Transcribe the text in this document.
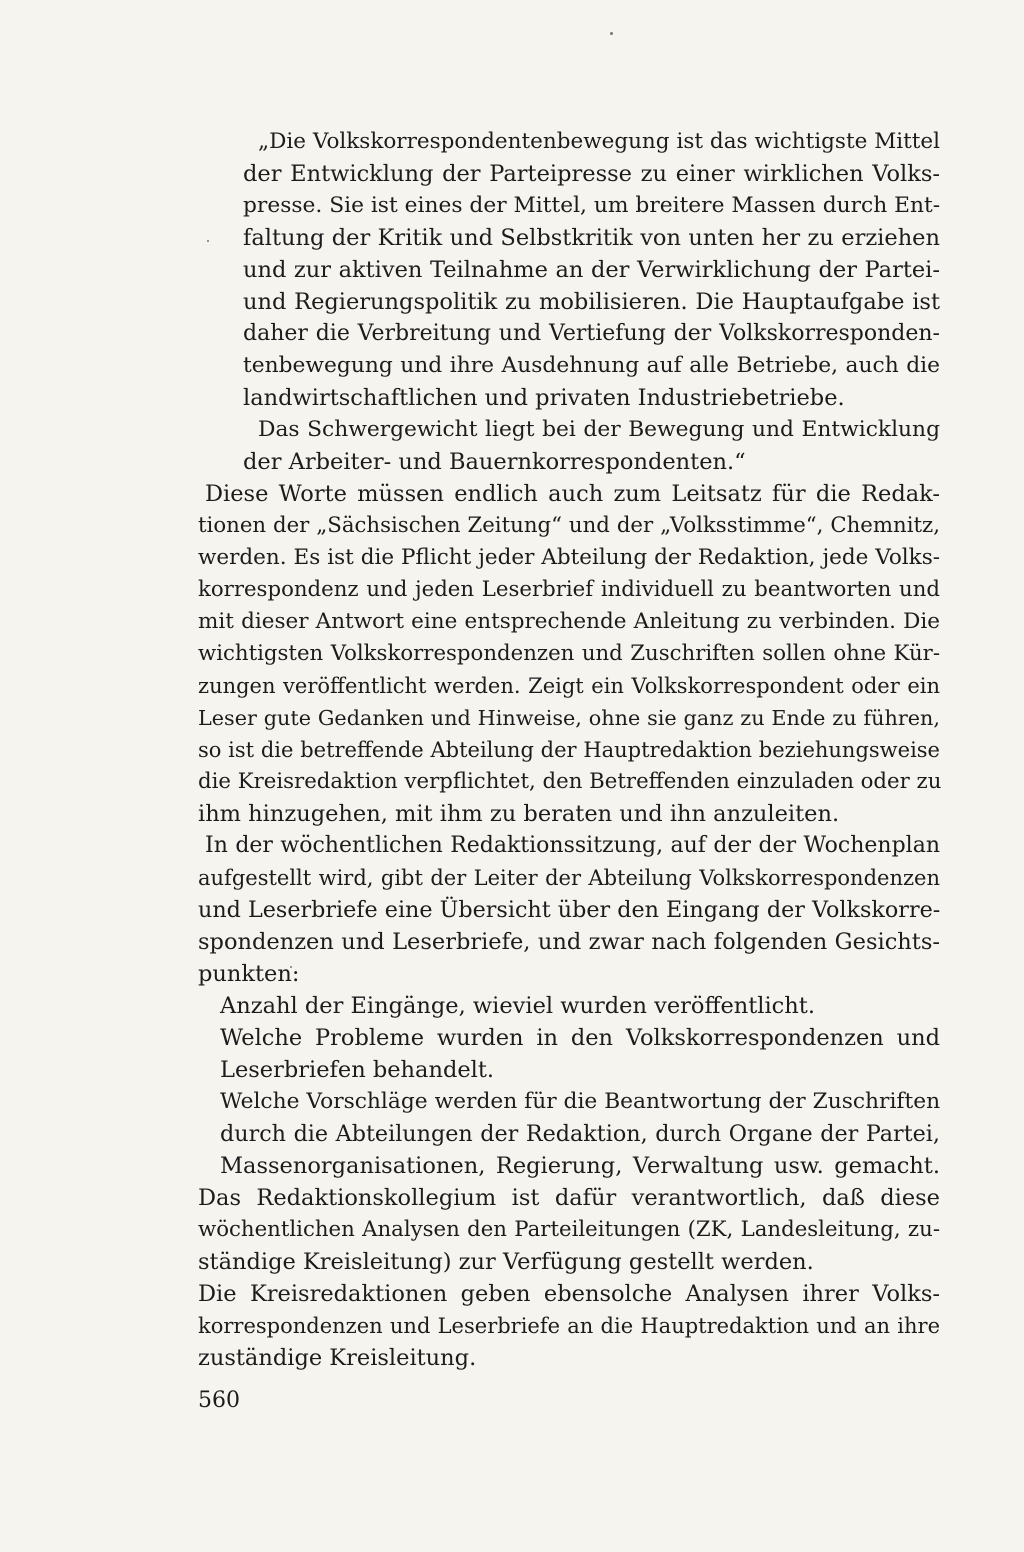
„Die Volkskorrespondentenbewegung ist das wichtigste Mittel
der Entwicklung der Parteipresse zu einer wirklichen Volks-
presse. Sie ist eines der Mittel, um breitere Massen durch Ent-
faltung der Kritik und Selbstkritik von unten her zu erziehen
und zur aktiven Teilnahme an der Verwirklichung der Partei-
und Regierungspolitik zu mobilisieren. Die Hauptaufgabe ist
daher die Verbreitung und Vertiefung der Volkskorresponden-
tenbewegung und ihre Ausdehnung auf alle Betriebe, auch die
landwirtschaftlichen und privaten Industriebetriebe.
Das Schwergewicht liegt bei der Bewegung und Entwicklung
der Arbeiter- und Bauernkorrespondenten.“
Diese Worte müssen endlich auch zum Leitsatz für die Redak-
tionen der „Sächsischen Zeitung“ und der „Volksstimme“, Chemnitz,
werden. Es ist die Pflicht jeder Abteilung der Redaktion, jede Volks-
korrespondenz und jeden Leserbrief individuell zu beantworten und
mit dieser Antwort eine entsprechende Anleitung zu verbinden. Die
wichtigsten Volkskorrespondenzen und Zuschriften sollen ohne Kür-
zungen veröffentlicht werden. Zeigt ein Volkskorrespondent oder ein
Leser gute Gedanken und Hinweise, ohne sie ganz zu Ende zu führen,
so ist die betreffende Abteilung der Hauptredaktion beziehungsweise
die Kreisredaktion verpflichtet, den Betreffenden einzuladen oder zu
ihm hinzugehen, mit ihm zu beraten und ihn anzuleiten.
In der wöchentlichen Redaktionssitzung, auf der der Wochenplan
aufgestellt wird, gibt der Leiter der Abteilung Volkskorrespondenzen
und Leserbriefe eine Übersicht über den Eingang der Volkskorre-
spondenzen und Leserbriefe, und zwar nach folgenden Gesichts-
punkten:
Anzahl der Eingänge, wieviel wurden veröffentlicht.
Welche Probleme wurden in den Volkskorrespondenzen und
Leserbriefen behandelt.
Welche Vorschläge werden für die Beantwortung der Zuschriften
durch die Abteilungen der Redaktion, durch Organe der Partei,
Massenorganisationen, Regierung, Verwaltung usw. gemacht.
Das Redaktionskollegium ist dafür verantwortlich, daß diese
wöchentlichen Analysen den Parteileitungen (ZK, Landesleitung, zu-
ständige Kreisleitung) zur Verfügung gestellt werden.
Die Kreisredaktionen geben ebensolche Analysen ihrer Volks-
korrespondenzen und Leserbriefe an die Hauptredaktion und an ihre
zuständige Kreisleitung.
560
